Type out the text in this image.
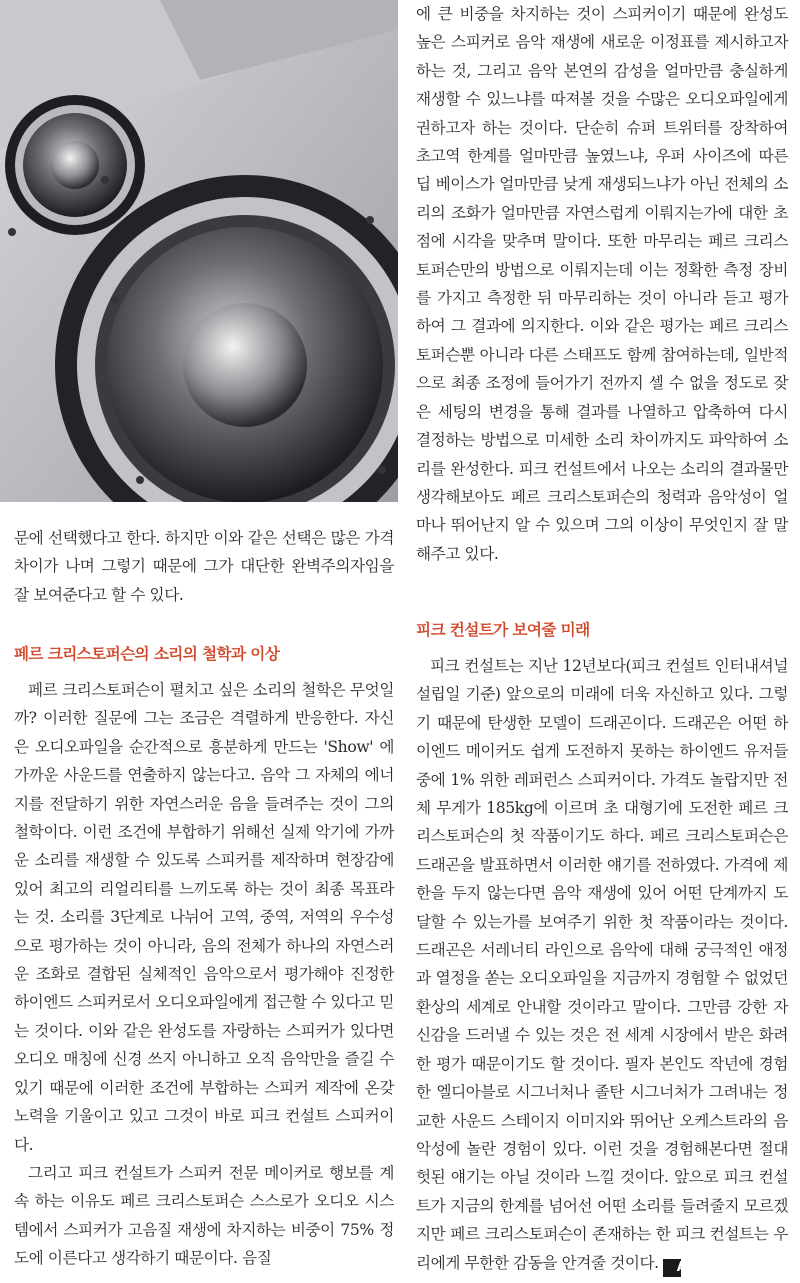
문에 선택했다고 한다. 하지만 이와 같은 선택은 많은 가격 차이가 나며 그렇기 때문에 그가 대단한 완벽주의자임을 잘 보여준다고 할 수 있다.

페르 크리스토퍼슨의 소리의 철학과 이상

페르 크리스토퍼슨이 펼치고 싶은 소리의 철학은 무엇일까? 이러한 질문에 그는 조금은 격렬하게 반응한다. 자신은 오디오파일을 순간적으로 흥분하게 만드는 'Show' 에 가까운 사운드를 연출하지 않는다고. 음악 그 자체의 에너지를 전달하기 위한 자연스러운 음을 들려주는 것이 그의 철학이다. 이런 조건에 부합하기 위해선 실제 악기에 가까운 소리를 재생할 수 있도록 스피커를 제작하며 현장감에 있어 최고의 리얼리티를 느끼도록 하는 것이 최종 목표라는 것. 소리를 3단계로 나뉘어 고역, 중역, 저역의 우수성으로 평가하는 것이 아니라, 음의 전체가 하나의 자연스러운 조화로 결합된 실체적인 음악으로서 평가해야 진정한 하이엔드 스피커로서 오디오파일에게 접근할 수 있다고 믿는 것이다. 이와 같은 완성도를 자랑하는 스피커가 있다면 오디오 매칭에 신경 쓰지 아니하고 오직 음악만을 즐길 수 있기 때문에 이러한 조건에 부합하는 스피커 제작에 온갖 노력을 기울이고 있고 그것이 바로 피크 컨설트 스피커이다.

그리고 피크 컨설트가 스피커 전문 메이커로 행보를 계속 하는 이유도 페르 크리스토퍼슨 스스로가 오디오 시스템에서 스피커가 고음질 재생에 차지하는 비중이 75% 정도에 이른다고 생각하기 때문이다. 음질

에 큰 비중을 차지하는 것이 스피커이기 때문에 완성도 높은 스피커로 음악 재생에 새로운 이정표를 제시하고자 하는 것, 그리고 음악 본연의 감성을 얼마만큼 충실하게 재생할 수 있느냐를 따져볼 것을 수많은 오디오파일에게 권하고자 하는 것이다. 단순히 슈퍼 트위터를 장착하여 초고역 한계를 얼마만큼 높였느냐, 우퍼 사이즈에 따른 딥 베이스가 얼마만큼 낮게 재생되느냐가 아닌 전체의 소리의 조화가 얼마만큼 자연스럽게 이뤄지는가에 대한 초점에 시각을 맞추며 말이다. 또한 마무리는 페르 크리스토퍼슨만의 방법으로 이뤄지는데 이는 정확한 측정 장비를 가지고 측정한 뒤 마무리하는 것이 아니라 듣고 평가하여 그 결과에 의지한다. 이와 같은 평가는 페르 크리스토퍼슨뿐 아니라 다른 스태프도 함께 참여하는데, 일반적으로 최종 조정에 들어가기 전까지 셀 수 없을 정도로 잦은 세팅의 변경을 통해 결과를 나열하고 압축하여 다시 결정하는 방법으로 미세한 소리 차이까지도 파악하여 소리를 완성한다. 피크 컨설트에서 나오는 소리의 결과물만 생각해보아도 페르 크리스토퍼슨의 청력과 음악성이 얼마나 뛰어난지 알 수 있으며 그의 이상이 무엇인지 잘 말해주고 있다.

피크 컨설트가 보여줄 미래

피크 컨설트는 지난 12년보다(피크 컨설트 인터내셔널 설립일 기준) 앞으로의 미래에 더욱 자신하고 있다. 그렇기 때문에 탄생한 모델이 드래곤이다. 드래곤은 어떤 하이엔드 메이커도 쉽게 도전하지 못하는 하이엔드 유저들 중에 1% 위한 레퍼런스 스피커이다. 가격도 놀랍지만 전체 무게가 185kg에 이르며 초 대형기에 도전한 페르 크리스토퍼슨의 첫 작품이기도 하다. 페르 크리스토퍼슨은 드래곤을 발표하면서 이러한 얘기를 전하였다. 가격에 제한을 두지 않는다면 음악 재생에 있어 어떤 단계까지 도달할 수 있는가를 보여주기 위한 첫 작품이라는 것이다. 드래곤은 서레너티 라인으로 음악에 대해 궁극적인 애정과 열정을 쏟는 오디오파일을 지금까지 경험할 수 없었던 환상의 세계로 안내할 것이라고 말이다. 그만큼 강한 자신감을 드러낼 수 있는 것은 전 세계 시장에서 받은 화려한 평가 때문이기도 할 것이다. 필자 본인도 작년에 경험한 엘디아블로 시그너처나 졸탄 시그너처가 그려내는 정교한 사운드 스테이지 이미지와 뛰어난 오케스트라의 음악성에 놀란 경험이 있다. 이런 것을 경험해본다면 절대 헛된 얘기는 아닐 것이라 느낄 것이다. 앞으로 피크 컨설트가 지금의 한계를 넘어선 어떤 소리를 들려줄지 모르겠지만 페르 크리스토퍼슨이 존재하는 한 피크 컨설트는 우리에게 무한한 감동을 안겨줄 것이다. A
